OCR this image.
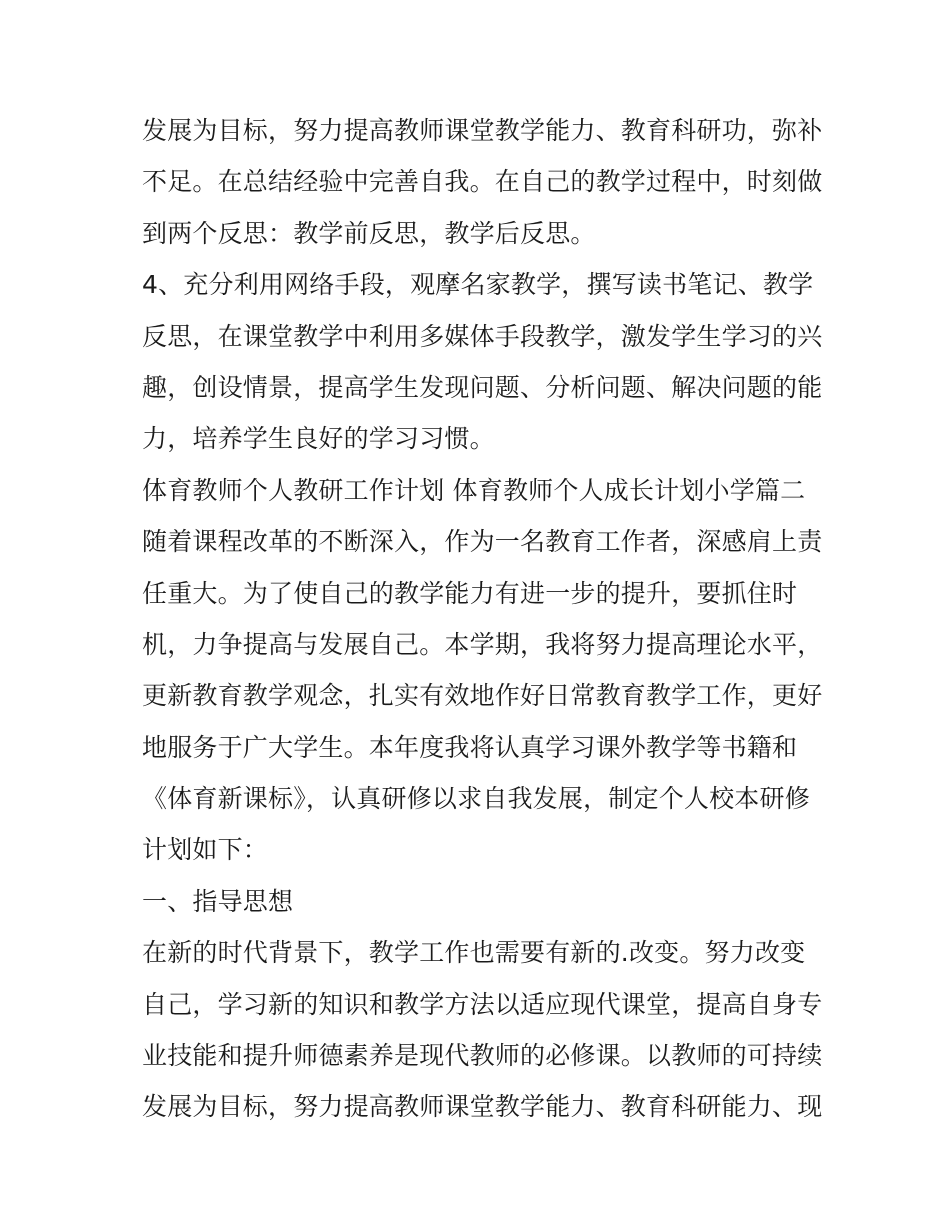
发展为目标，努力提高教师课堂教学能力、教育科研功，弥补
不足。在总结经验中完善自我。在自己的教学过程中，时刻做
到两个反思：教学前反思，教学后反思。
4、充分利用网络手段，观摩名家教学，撰写读书笔记、教学
反思，在课堂教学中利用多媒体手段教学，激发学生学习的兴
趣，创设情景，提高学生发现问题、分析问题、解决问题的能
力，培养学生良好的学习习惯。
体育教师个人教研工作计划 体育教师个人成长计划小学篇二
随着课程改革的不断深入，作为一名教育工作者，深感肩上责
任重大。为了使自己的教学能力有进一步的提升，要抓住时
机，力争提高与发展自己。本学期，我将努力提高理论水平，
更新教育教学观念，扎实有效地作好日常教育教学工作，更好
地服务于广大学生。本年度我将认真学习课外教学等书籍和
《体育新课标》，认真研修以求自我发展，制定个人校本研修
计划如下：
一、指导思想
在新的时代背景下，教学工作也需要有新的.改变。努力改变
自己，学习新的知识和教学方法以适应现代课堂，提高自身专
业技能和提升师德素养是现代教师的必修课。以教师的可持续
发展为目标，努力提高教师课堂教学能力、教育科研能力、现
